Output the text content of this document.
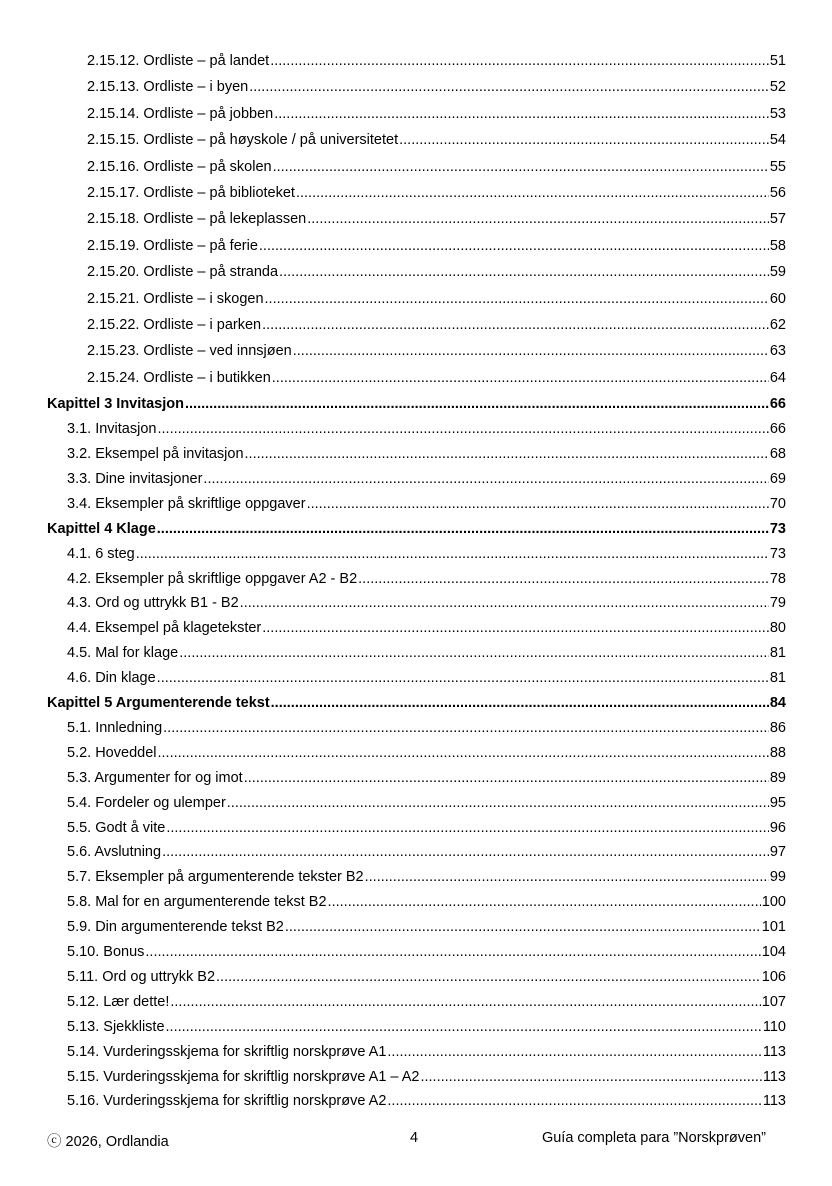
2.15.12. Ordliste – på landet .....	51
2.15.13. Ordliste – i byen .....	52
2.15.14. Ordliste – på jobben .....	53
2.15.15. Ordliste – på høyskole / på universitetet .....	54
2.15.16. Ordliste – på skolen .....	55
2.15.17. Ordliste – på biblioteket .....	56
2.15.18. Ordliste – på lekeplassen .....	57
2.15.19. Ordliste – på ferie .....	58
2.15.20. Ordliste – på stranda .....	59
2.15.21. Ordliste – i skogen .....	60
2.15.22. Ordliste – i parken .....	62
2.15.23. Ordliste – ved innsjøen .....	63
2.15.24. Ordliste – i butikken .....	64
Kapittel 3 Invitasjon .....	66
3.1. Invitasjon .....	66
3.2. Eksempel på invitasjon .....	68
3.3. Dine invitasjoner .....	69
3.4. Eksempler på skriftlige oppgaver .....	70
Kapittel 4 Klage .....	73
4.1. 6 steg .....	73
4.2. Eksempler på skriftlige oppgaver A2 - B2 .....	78
4.3. Ord og uttrykk B1 - B2 .....	79
4.4. Eksempel på klagetekster .....	80
4.5. Mal for klage .....	81
4.6. Din klage .....	81
Kapittel 5 Argumenterende tekst .....	84
5.1. Innledning .....	86
5.2. Hoveddel .....	88
5.3. Argumenter for og imot .....	89
5.4. Fordeler og ulemper .....	95
5.5. Godt å vite .....	96
5.6. Avslutning .....	97
5.7. Eksempler på argumenterende tekster B2 .....	99
5.8. Mal for en argumenterende tekst B2 .....	100
5.9. Din argumenterende tekst B2 .....	101
5.10. Bonus .....	104
5.11. Ord og uttrykk B2 .....	106
5.12. Lær dette! .....	107
5.13. Sjekkliste .....	110
5.14. Vurderingsskjema for skriftlig norskprøve A1 .....	113
5.15. Vurderingsskjema for skriftlig norskprøve A1 – A2 .....	113
5.16. Vurderingsskjema for skriftlig norskprøve A2 .....	113
ⓒ 2026, Ordlandia	4	Guía completa para ”Norskprøven”
